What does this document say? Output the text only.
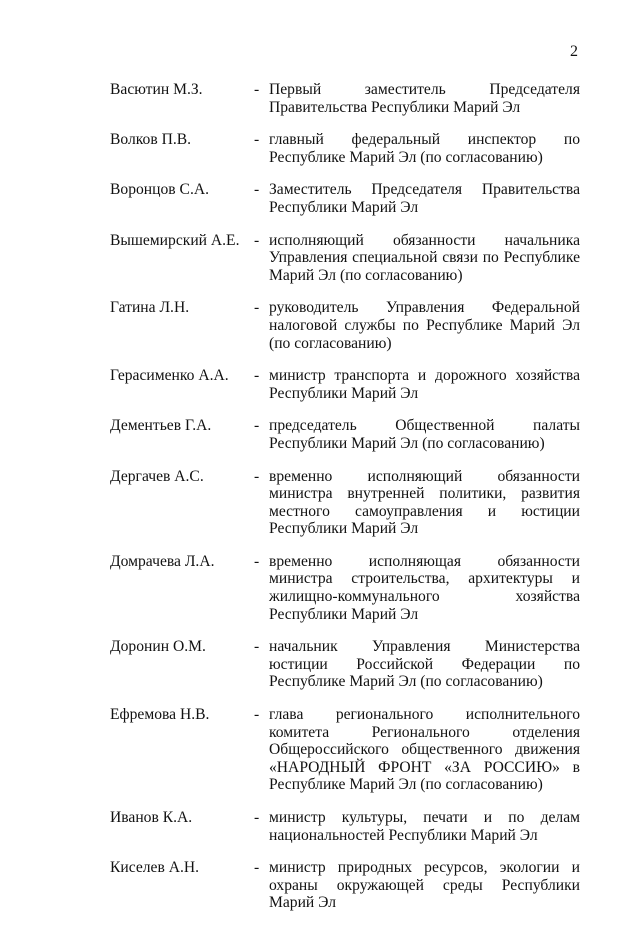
2
Васютин М.З.	- Первый заместитель Председателя Правительства Республики Марий Эл
Волков П.В.	- главный федеральный инспектор по Республике Марий Эл (по согласованию)
Воронцов С.А.	- Заместитель Председателя Правительства Республики Марий Эл
Вышемирский А.Е. - исполняющий обязанности начальника Управления специальной связи по Республике Марий Эл (по согласованию)
Гатина Л.Н.	- руководитель Управления Федеральной налоговой службы по Республике Марий Эл (по согласованию)
Герасименко А.А.	- министр транспорта и дорожного хозяйства Республики Марий Эл
Дементьев Г.А.	- председатель Общественной палаты Республики Марий Эл (по согласованию)
Дергачев А.С.	- временно исполняющий обязанности министра внутренней политики, развития местного самоуправления и юстиции Республики Марий Эл
Домрачева Л.А.	- временно исполняющая обязанности министра строительства, архитектуры и жилищно-коммунального хозяйства Республики Марий Эл
Доронин О.М.	- начальник Управления Министерства юстиции Российской Федерации по Республике Марий Эл (по согласованию)
Ефремова Н.В.	- глава регионального исполнительного комитета Регионального отделения Общероссийского общественного движения «НАРОДНЫЙ ФРОНТ «ЗА РОССИЮ» в Республике Марий Эл (по согласованию)
Иванов К.А.	- министр культуры, печати и по делам национальностей Республики Марий Эл
Киселев А.Н.	- министр природных ресурсов, экологии и охраны окружающей среды Республики Марий Эл
